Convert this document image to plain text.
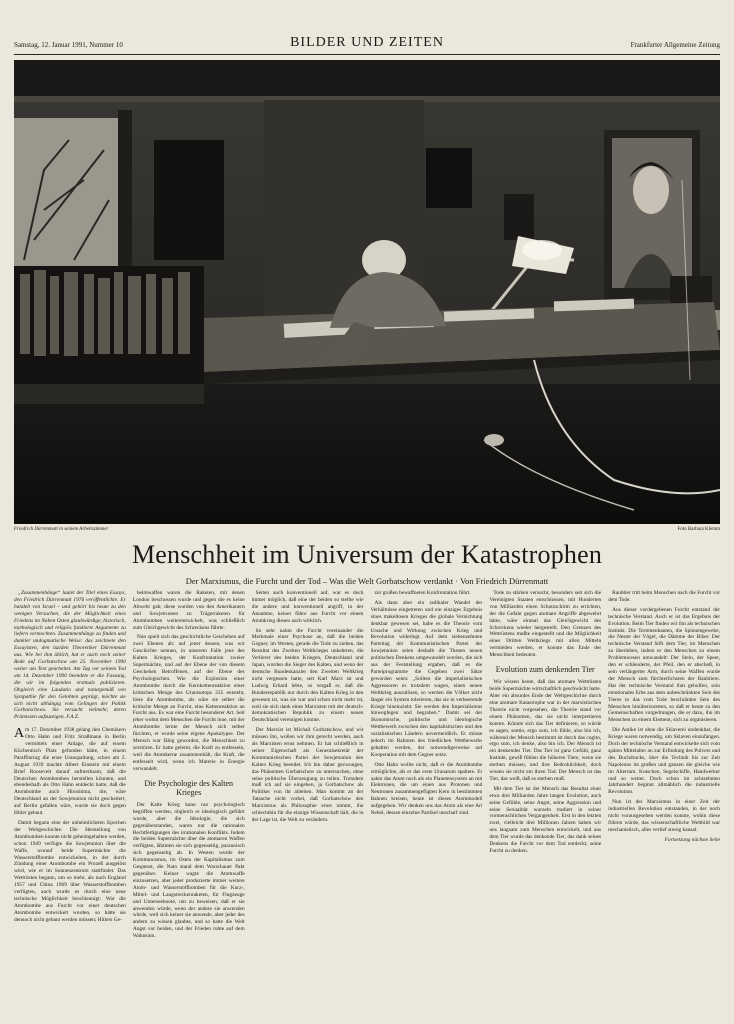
Samstag, 12. Januar 1991, Nummer 10	BILDER UND ZEITEN	Frankfurter Allgemeine Zeitung
Friedrich Dürrenmatt in seinem Arbeitszimmer	Foto Barbara Klemm
Menschheit im Universum der Katastrophen
Der Marxismus, die Furcht und der Tod – Was die Welt Gorbatschow verdankt · Von Friedrich Dürrenmatt

„Zusammenhänge“ lautet der Titel eines Essays, den Friedrich Dürrenmatt 1976 veröffentlichte. Er handelt von Israel – und gehört bis heute zu den wenigen Versuchen, die der Möglichkeit eines Friedens im Nahen Osten glaubwürdige, historisch, mythologisch und religiös fundierte Argumente zu liefern vermochten. Zusammenhänge zu finden und dunkler undogmatische Weise: das zeichnete den Essayisten, den luziden Theoretiker Dürrenmatt aus. Wie bei ihm üblich, hat er auch noch seiner Rede auf Gorbatschow am 25. November 1990 weiter am Text gearbeitet. Am Tag vor seinem Tod am 14. Dezember 1990 beendete er die Fassung, die wir im folgenden erstmals publizieren. Obgleich eine Laudatio und naturgemäß von Sympathie für den Gelobten geprägt, möchte sie sich nicht abhängig vom Gelingen der Politik Gorbatschows. Sie versucht vielmehr, deren Prämissen aufzuzeigen. F.A.Z.

Am 17. Dezember 1938 gelang den Chemikern Otto Hahn und Fritz Straßmann in Berlin vermittels einer Anlage, die auf einem Küchentisch Platz gefunden hätte, in einem Paraffinring die erste Uranspaltung, schon am 2. August 1939 machte Albert Einstein mit einem Brief Roosevelt darauf aufmerksam, daß die Deutschen Atombomben herstellen könnten, und ebendeshalb als Otto Hahn entdeckt hatte, daß die Atombombe auch Hiroshima, die, wäre Deutschland an der Sowjetunion nicht gescheitert, auf Berlin gefallen wäre, wurde sie doch gegen Hitler gebaut.

Damit begann eine der unheimlichsten Epochen der Weltgeschichte. Die Herstellung von Atombomben konnte nicht geheimgehalten werden, schon 1949 verfügte die Sowjetunion über die Waffe, worauf beide Supermächte die Wasserstoffbombe entwickelten, in der durch Zündung einer Atombombe ein Prozeß ausgelöst wird, wie er im Sonnenzentrum stattfindet. Das Wettrüsten begann, um so mehr, als nach England 1957 und China 1969 über Wasserstoffbomben verfügten, auch wurde es durch eine neue technische Möglichkeit beschleunigt: War die Atombombe aus Furcht vor einer deutschen Atombombe entwickelt worden, so hätte sie dennoch nicht gebaut werden müssen; Hitlers Ge-

heimwaffen waren die Raketen, mit denen London beschossen wurde und gegen die es keine Abwehr gab; diese wurden von den Amerikanern und Sowjetrussen zu Trägerraketen für Atombomben weiterentwickelt, was schließlich zum Gleichgewicht des Schreckens führte.

Nun spielt sich das geschichtliche Geschehen auf zwei Ebenen ab: auf jener dessen, was wir Geschichte nennen, in unserem Falle jene des Kalten Krieges, der Konfrontation zweier Supermächte, und auf der Ebene der von diesem Geschehen Betroffenen, auf der Ebene des Psychologischen. Wie die Explosion einer Atombombe durch die Kernkettenreaktion einer kritischen Menge des Uranisotops 235 entsteht, löste die Atombombe, als wäre sie selber die kritische Menge an Furcht, eine Kettenreaktion an Furcht aus. Es war eine Furcht besonderer Art. Seit jeher wohnt dem Menschen die Furcht inne, mit der Atombombe lernte der Mensch sich selber fürchten, er wurde seine eigene Apokalypse. Der Mensch war fähig geworden, die Menschheit zu zerstören. Er hatte gelernt, die Kraft zu entfesseln, weil die Atomkerne zusammenhält, die Kraft, die entfesselt wird, wenn ich Materie in Energie verwandelt.

Die Psychologie des Kalten Krieges

Der Kalte Krieg kann nur psychologisch begriffen werden, obgleich er ideologisch geführt wurde, aber die Ideologie, die sich gegenüberstanden, waren nur die rationalen Rechtfertigungen des irrationalen Konflikts. Indem die beiden Supermächte über die atomaren Waffen verfügten, lähmten sie sich gegenseitig, paranoisch sich gegenseitig ab. In Westen wurde der Kommunismus, im Osten der Kapitalismus zum Gespenst, die Nato stand dem Warschauer Pakt gegenüber. Keiner wagte die Atomwaffe einzusetzen, aber jeder produzierte immer weitere Atom- und Wasserstoffbomben für die Kurz-, Mittel- und Langstreckenraketen, für Flugzeuge und Unterseeboote, um zu beweisen, daß er sie anwenden würde, wenn der andere sie anwenden würde, weil sich keiner sie anwende, aber jeder des andern zu wissen glaubte, und so hatte die Welt Angst vor beiden, und der Frieden ruhte auf dem Wahnsinn.

Seiten auch konventionell auf, war es doch immer möglich, daß eine der beiden so stellte wie die andere und konventionell angriff, in der Annahme, keiner führe aus Furcht vor einem Atomkrieg diesen auch wirklich.

So sehr nahm die Furcht voreinander die Merkmale einer Psychose an, daß die beiden Gegner, im Westen, gerade die Tode zu ziehen, das Resultat des Zweiten Weltkrieges unkehrten, die Verlierer des beiden Kriegen, Deutschland und Japan, wurden die Sieger des Kalten, und wenn der deutsche Bundeskanzler den Zweiten Weltkrieg nicht vergessen hatte, seit Karl Marx ist und Ludwig Erhard lebte, so vergaß er, daß die Bundesrepublik nur durch den Kalten Krieg in den gewesen ist, was sie war und schon nicht mehr ist, weil sie sich dank eines Marxisten mit der deutsch-demokratischen Republik zu einem neuen Deutschland vereinigen konnte.

Der Marxist ist Michail Gorbatschow, und wir müssen ihn, wollen wir ihm gerecht werden, auch als Marxisten ernst nehmen. Er hat schließlich in seiner Eigenschaft als Generalsekretär der Kommunistischen Partei der Sowjetunion den Kalten Krieg beendet. Ich bin daher gezwungen, das Phänomen Gorbatschow zu untersuchen, ohne seine politische Überzeugung zu teilen. Trotzdem muß ich auf sie eingehen, ja Gorbatschow als Politiker von ihr ableiten. Man kommt an der Tatsache nicht vorbei, daß Gorbatschow den Marxismus als Philosophie ernst nimmt, ihn schlechthin für die einzige Wissenschaft hält, die in der Lage ist, die Welt zu verändern.

zur großen bewaffneten Konfrontation führt.

Als dann aber ein radikaler Wandel der Verhältnisse eingetreten und ein einziges Ergebnis eines makellosen Krieges die globale Vernichtung denkbar gewesen sei, habe es die Theorie vom Ursache und Wirkung zwischen Krieg und Revolution widerlegt. Auf dem siebenzehnten Parteitag der Kommunistischen Partei der Sowjetunion seien deshalb die Thesen neuen politischen Denkens umgewandelt worden, die sich aus der Feststellung ergaben, daß es die Parteiprogramme die Gegeben zwei Sätze geworden seien: „Sollten die imperialistischen Aggressoren es trotzdem wagen, einen neuen Weltkrieg auszulösen, so werden die Völker nicht länger ein System tolerieren, das sie in verheerende Kriege hineinzieht. Sie werden den Imperialismus hinwegfegen und begraben.“ Damit sei der ökonomische, politische und ideologische Wettbewerb zwischen den kapitalistischen und den sozialistischen Ländern unvermeidlich. Er müsse jedoch im Rahmen des friedlichen Wettbewerbs gehalten werden, der notwendigerweise auf Kooperation mit dem Gegner setze.

Otto Hahn wollte nicht, daß er die Atombombe ermöglichte, als er das erste Uranatom spaltete. Er nahm das Atom noch als ein Planetensystem an mit Elektronen, die um einen aus Protonen und Neutronen zusammengefügten Kern in bestimmten Bahnen kreisen, heute ist dieses Atommodell aufgegeben. Wir denken uns das Atom als eine Art Nebel, dessen einzelne Partikel unscharf sind.

Tode zu stärken versucht, besonders seit sich die Vereinigten Staaten entschlossen, mit Hunderten von Milliarden einen Schutzschirm zu errichten, der die Gefahr gegen atomare Angriffe abgewehrt hätte, wäre einmal das Gleichgewicht des Schreckens wieder hergestellt. Den Grenzen des Wettrüstens mußte eingestellt und die Möglichkeit eines Dritten Weltkriegs mit allen Mitteln vermieden werden, er konnte das Ende der Menschheit bedeuten.

Evolution zum denkenden Tier

Wir wissen heute, daß das atomare Wettrüsten beide Supermächte wirtschaftlich geschwächt hatte. Aber ein absurdes Ende der Weltgeschichte durch eine atomare Katastrophe war in der marxistischen Theorie nicht vorgesehen, die Theorie stand vor einem Phänomen, das sie nicht interpretieren konnte. Könnte sich das Tier definieren, so würde es sagen, sentio, ergo sum, ich fühle, also bin ich, während der Mensch bestimmt ist durch das cogito, ergo sum, ich denke, also bin ich. Der Mensch ist ein denkendes Tier. Das Tier ist ganz Gefühl, ganz Instinkt, gewiß fühlen die höheren Tiere, wenn sie sterben müssen, und ihre Bedrohlichkeit, doch wissen sie nicht um ihren Tod. Der Mensch ist das Tier, das weiß, daß es sterben muß.

Mit dem Tier ist der Mensch das Resultat einer etwa drei Milliarden Jahre langen Evolution, auch seine Gefühle, seine Angst, seine Aggression und seine Sexualität wurzeln tradiert in seiner vormenschlichen Vergangenheit. Erst in den letzten zwei, vielleicht drei Millionen Jahren haben wir uns langsam zum Menschen entwickelt, und aus dem Tier wurde das denkende Tier, das dank seines Denkens die Furcht vor dem Tod entdeckt, seine Furcht zu denken.

Raubtier tritt beim Menschen nach die Furcht vor dem Tode.

Aus dieser vordergebenen Furcht entstand der technische Verstand. Auch er ist das Ergebnis der Evolution. Beim Tier finden wir ihn als technischen Instinkt. Die Termitenbauten, die Spinnengewebe, die Nester der Vögel, die Dämme der Biber. Der technische Verstand hilft dem Tier, im Menschen zu überleben, indem er den Menschen zu einem Problemwesen umwandelt: Der Stein, der Speer, den er schleuderte, der Pfeil, den er abschoß, in sein verlängerter Arm, durch seine Waffen wurde der Mensch zum fürchterlichsten der Raubtiere. Hat der technische Verstand ihm geholfen, sein emotionales Erbe aus dem unbeschränkten Sein des Tieres in das vom Tode beschränkte Sein des Menschen hinüberzuretten, so daß er heute zu den Gemeinschaften vorgedrungen, die er dazu, ihn im Menschen zu einem Element, sich zu organisieren.

Die Antike ist ohne die Sklaverei undenkbar, die Kriege waren notwendig, um Sklaven einzufangen. Doch der technische Verstand entwickelte sich vom späten Mittelalter an zur Erfindung des Pulvers und des Buchdrucks, über die Technik bis zur Zeit Napoleons im großen und ganzen die gleiche wie im Altertum. Kutschen, Segelschiffe, Handwerker und so weiter. Doch schon im achtzehnten Jahrhundert beginnt allmählich die industrielle Revolution.

Nun ist der Marxismus in einer Zeit der industriellen Revolution entstanden, in der noch nicht vorausgesehen werden konnte, wohin diese führen würde, das wissenschaftliche Weltbild war mechanistisch, alles verlief streng kausal.

Fortsetzung nächste Seite
